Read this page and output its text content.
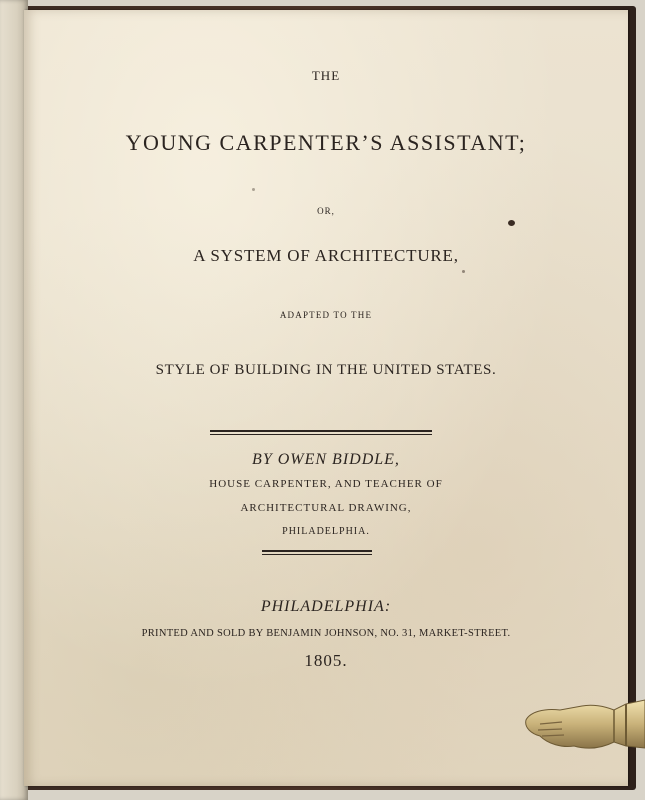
THE
YOUNG CARPENTER’S ASSISTANT;
OR,
A SYSTEM OF ARCHITECTURE,
ADAPTED TO THE
STYLE OF BUILDING IN THE UNITED STATES.
BY OWEN BIDDLE,
HOUSE CARPENTER, AND TEACHER OF
ARCHITECTURAL DRAWING,
PHILADELPHIA.
PHILADELPHIA:
PRINTED AND SOLD BY BENJAMIN JOHNSON, NO. 31, MARKET-STREET.
1805.
